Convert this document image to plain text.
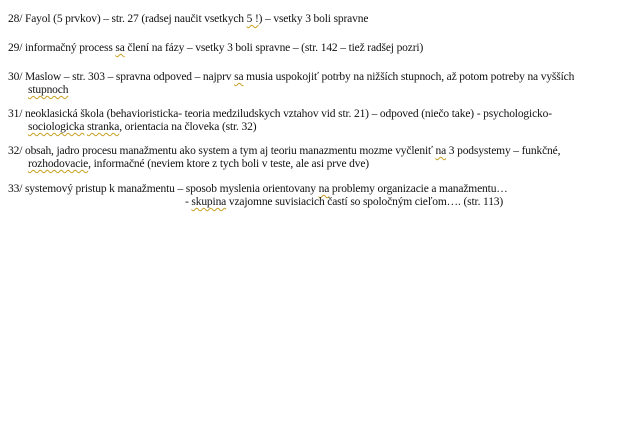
28/ Fayol (5 prvkov) – str. 27 (radsej naučit vsetkych 5 !) – vsetky 3 boli spravne
29/ informačný process sa člení na fázy – vsetky 3 boli spravne – (str. 142 – tiež radšej pozri)
30/ Maslow – str. 303 – spravna odpoved – najprv sa musia uspokojiť potrby na nižších stupnoch, až potom potreby na vyšších
stupnoch
31/ neoklasická škola (behavioristicka- teoria medziludskych vztahov vid str. 21) – odpoved (niečo take) - psychologicko-
sociologicka stranka, orientacia na človeka (str. 32)
32/ obsah, jadro procesu manažmentu ako system a tym aj teoriu manazmentu mozme vyčleniť na 3 podsystemy – funkčné,
rozhodovacie, informačné (neviem ktore z tych boli v teste, ale asi prve dve)
33/ systemový pristup k manažmentu – sposob myslenia orientovany na problemy organizacie a manažmentu…
- skupina vzajomne suvisiacich častí so spoločným cieľom…. (str. 113)
